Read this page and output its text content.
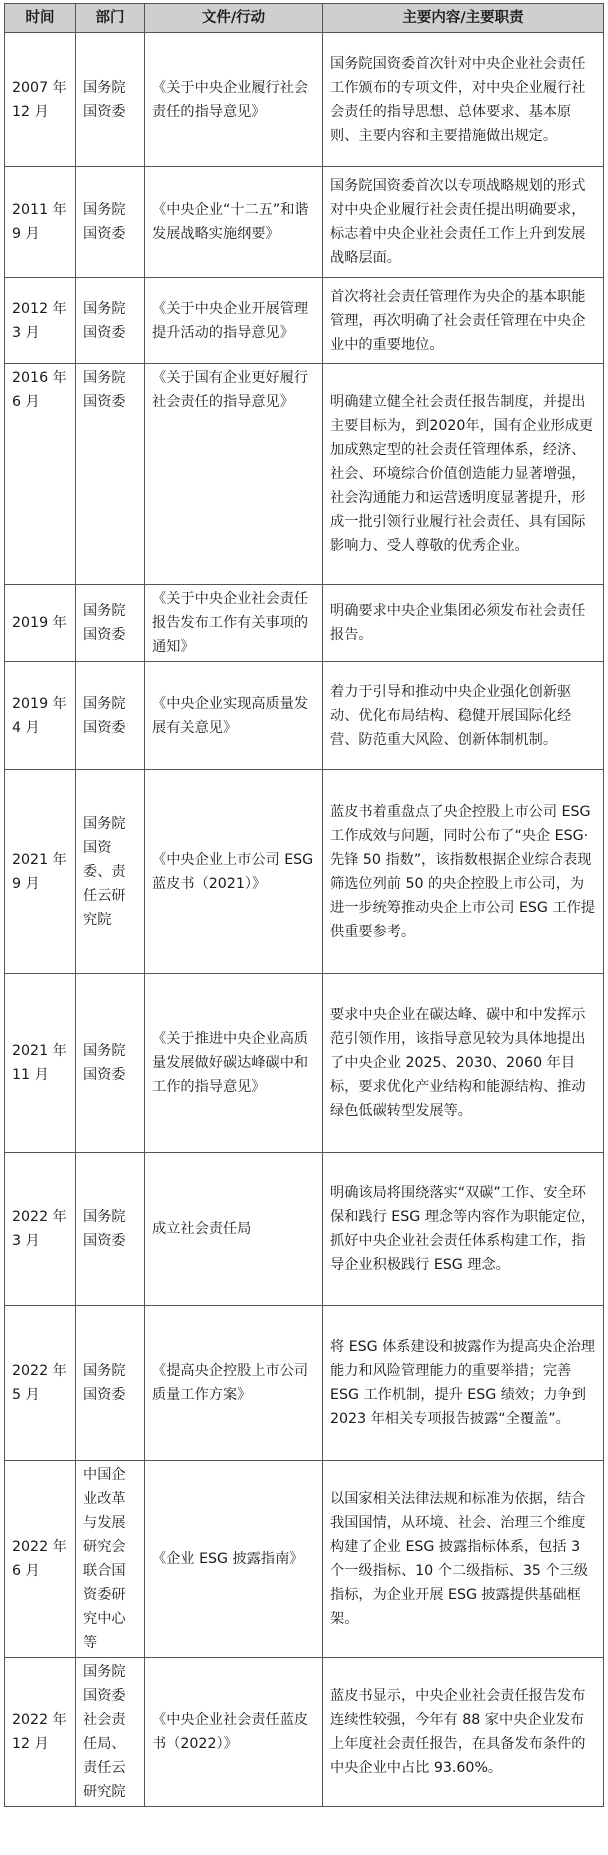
时间	部门	文件/行动	主要内容/主要职责
2007 年 12 月	国务院国资委	《关于中央企业履行社会责任的指导意见》	国务院国资委首次针对中央企业社会责任工作颁布的专项文件，对中央企业履行社会责任的指导思想、总体要求、基本原则、主要内容和主要措施做出规定。
2011 年 9 月	国务院国资委	《中央企业“十二五”和谐发展战略实施纲要》	国务院国资委首次以专项战略规划的形式对中央企业履行社会责任提出明确要求，标志着中央企业社会责任工作上升到发展战略层面。
2012 年 3 月	国务院国资委	《关于中央企业开展管理提升活动的指导意见》	首次将社会责任管理作为央企的基本职能管理，再次明确了社会责任管理在中央企业中的重要地位。
2016 年 6 月	国务院国资委	《关于国有企业更好履行社会责任的指导意见》	明确建立健全社会责任报告制度，并提出主要目标为，到2020年，国有企业形成更加成熟定型的社会责任管理体系，经济、社会、环境综合价值创造能力显著增强，社会沟通能力和运营透明度显著提升，形成一批引领行业履行社会责任、具有国际影响力、受人尊敬的优秀企业。
2019 年	国务院国资委	《关于中央企业社会责任报告发布工作有关事项的通知》	明确要求中央企业集团必须发布社会责任报告。
2019 年 4 月	国务院国资委	《中央企业实现高质量发展有关意见》	着力于引导和推动中央企业强化创新驱动、优化布局结构、稳健开展国际化经营、防范重大风险、创新体制机制。
2021 年 9 月	国务院国资委、责任云研究院	《中央企业上市公司 ESG 蓝皮书（2021）》	蓝皮书着重盘点了央企控股上市公司 ESG 工作成效与问题，同时公布了“央企 ESG·先锋 50 指数”，该指数根据企业综合表现筛选位列前 50 的央企控股上市公司，为进一步统筹推动央企上市公司 ESG 工作提供重要参考。
2021 年 11 月	国务院国资委	《关于推进中央企业高质量发展做好碳达峰碳中和工作的指导意见》	要求中央企业在碳达峰、碳中和中发挥示范引领作用，该指导意见较为具体地提出了中央企业 2025、2030、2060 年目标，要求优化产业结构和能源结构、推动绿色低碳转型发展等。
2022 年 3 月	国务院国资委	成立社会责任局	明确该局将围绕落实“双碳”工作、安全环保和践行 ESG 理念等内容作为职能定位，抓好中央企业社会责任体系构建工作，指导企业积极践行 ESG 理念。
2022 年 5 月	国务院国资委	《提高央企控股上市公司质量工作方案》	将 ESG 体系建设和披露作为提高央企治理能力和风险管理能力的重要举措；完善 ESG 工作机制，提升 ESG 绩效；力争到 2023 年相关专项报告披露“全覆盖”。
2022 年 6 月	中国企业改革与发展研究会联合国资委研究中心等	《企业 ESG 披露指南》	以国家相关法律法规和标准为依据，结合我国国情，从环境、社会、治理三个维度构建了企业 ESG 披露指标体系，包括 3 个一级指标、10 个二级指标、35 个三级指标，为企业开展 ESG 披露提供基础框架。
2022 年 12 月	国务院国资委社会责任局、责任云研究院	《中央企业社会责任蓝皮书（2022）》	蓝皮书显示，中央企业社会责任报告发布连续性较强，今年有 88 家中央企业发布上年度社会责任报告，在具备发布条件的中央企业中占比 93.60%。
